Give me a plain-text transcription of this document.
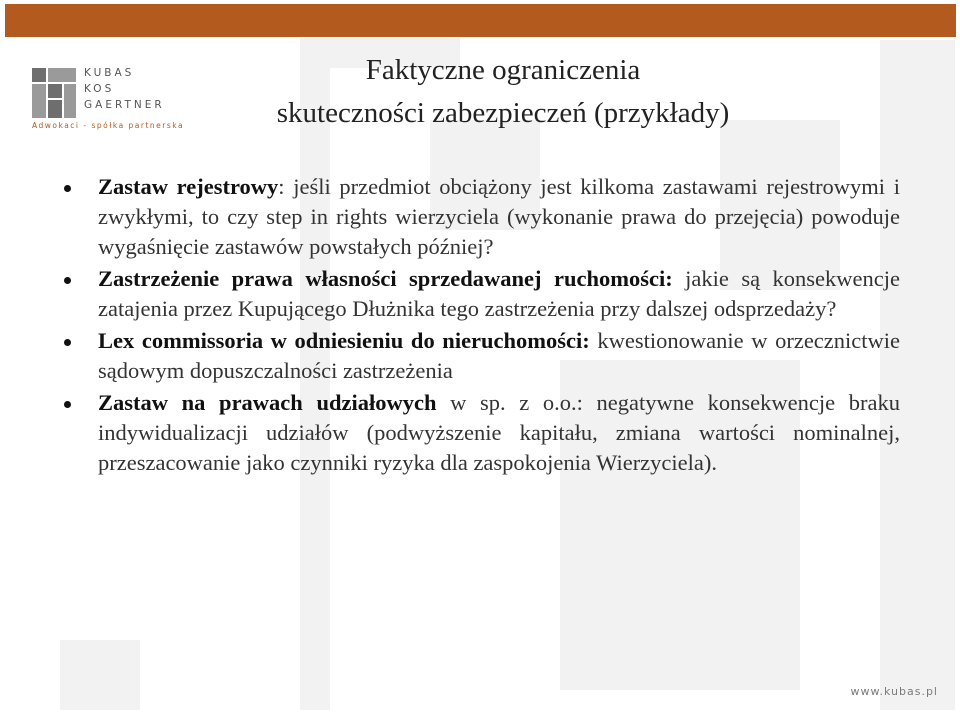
KUBAS
KOS
GAERTNER

Adwokaci - spółka partnerska
Faktyczne ograniczenia
skuteczności zabezpieczeń (przykłady)
Zastaw rejestrowy: jeśli przedmiot obciążony jest kilkoma zastawami rejestrowymi i zwykłymi, to czy step in rights wierzyciela (wykonanie prawa do przejęcia) powoduje wygaśnięcie zastawów powstałych później?
Zastrzeżenie prawa własności sprzedawanej ruchomości: jakie są konsekwencje zatajenia przez Kupującego Dłużnika tego zastrzeżenia przy dalszej odsprzedaży?
Lex commissoria w odniesieniu do nieruchomości: kwestionowanie w orzecznictwie sądowym dopuszczalności zastrzeżenia
Zastaw na prawach udziałowych w sp. z o.o.: negatywne konsekwencje braku indywidualizacji udziałów (podwyższenie kapitału, zmiana wartości nominalnej, przeszacowanie jako czynniki ryzyka dla zaspokojenia Wierzyciela).
www.kubas.pl
